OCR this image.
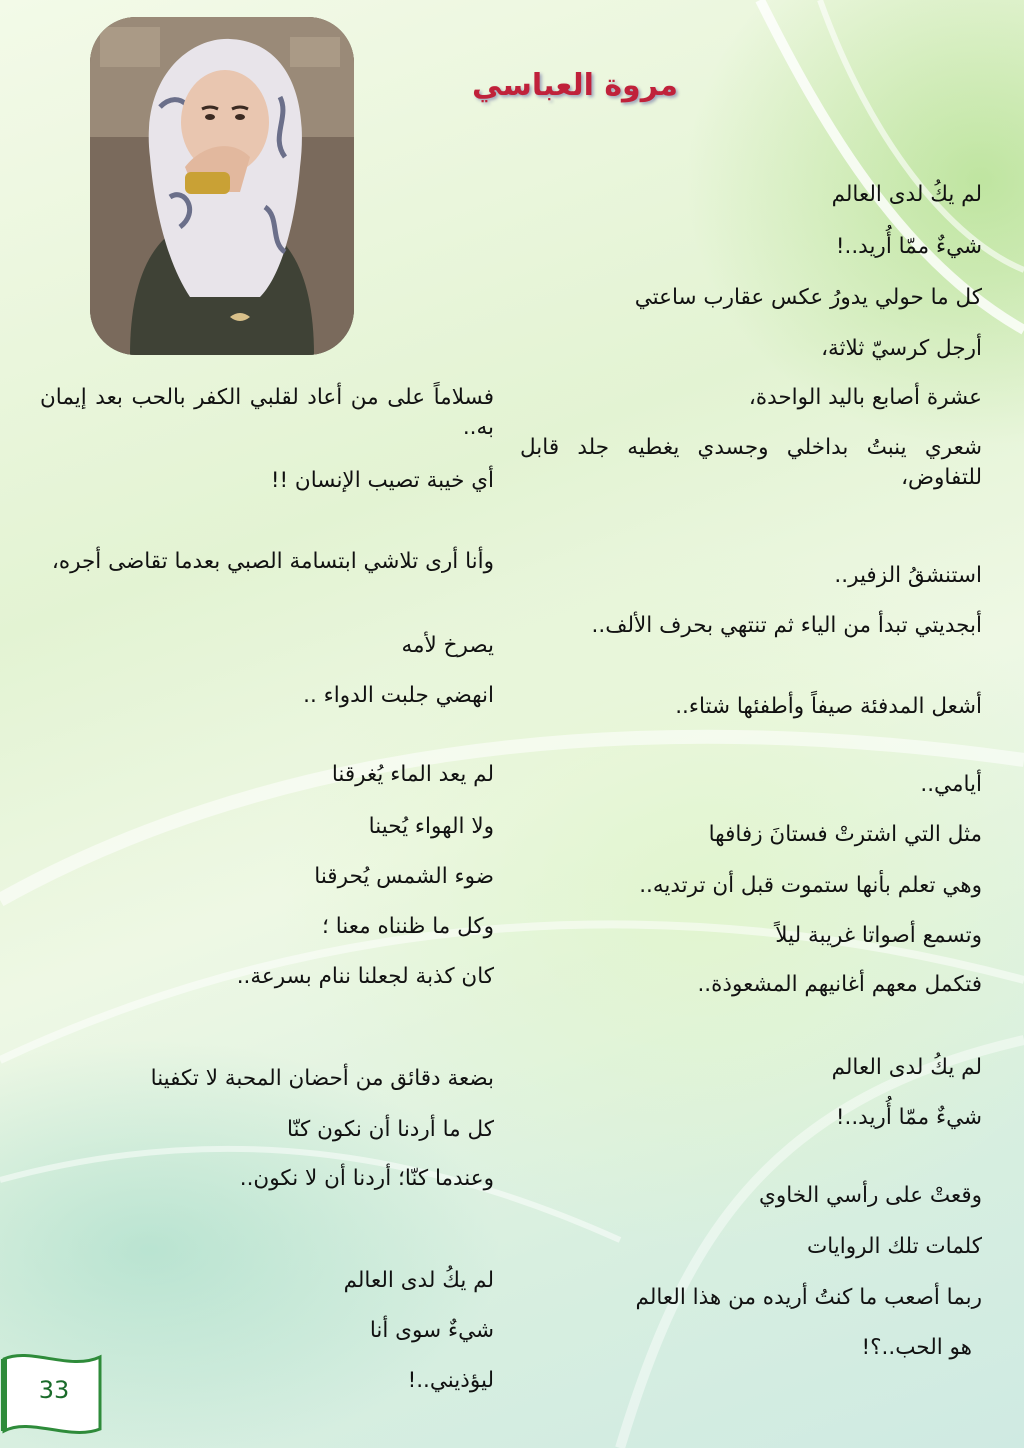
مروة العباسي
لم يكُ لدى العالم
شيءٌ ممّا أُريد..!
كل ما حولي يدورُ عكس عقارب ساعتي
أرجل كرسيّ ثلاثة،
عشرة أصابع باليد الواحدة،
شعري ينبتُ بداخلي وجسدي يغطيه جلد قابل للتفاوض،
استنشقُ الزفير..
أبجديتي تبدأ من الياء ثم تنتهي بحرف الألف..
أشعل المدفئة صيفاً وأطفئها شتاء..
أيامي..
مثل التي اشترتْ فستانَ زفافها
وهي تعلم بأنها ستموت قبل أن ترتديه..
وتسمع أصواتا غريبة ليلاً
فتكمل معهم أغانيهم المشعوذة..
لم يكُ لدى العالم
شيءٌ ممّا أُريد..!
وقعتْ على رأسي الخاوي
كلمات تلك الروايات
ربما أصعب ما كنتُ أريده من هذا العالم
هو الحب..؟!
فسلاماً على من أعاد لقلبي الكفر بالحب بعد إيمان به..
أي خيبة تصيب الإنسان !!
وأنا أرى تلاشي ابتسامة الصبي بعدما تقاضى أجره،
يصرخ لأمه
انهضي جلبت الدواء ..
لم يعد الماء يُغرقنا
ولا الهواء يُحينا
ضوء الشمس يُحرقنا
وكل ما ظنناه معنا ؛
كان كذبة لجعلنا ننام بسرعة..
بضعة دقائق من أحضان المحبة لا تكفينا
كل ما أردنا أن نكون كنّا
وعندما كنّا؛ أردنا أن لا نكون..
لم يكُ لدى العالم
شيءٌ سوى أنا
ليؤذيني..!
33
